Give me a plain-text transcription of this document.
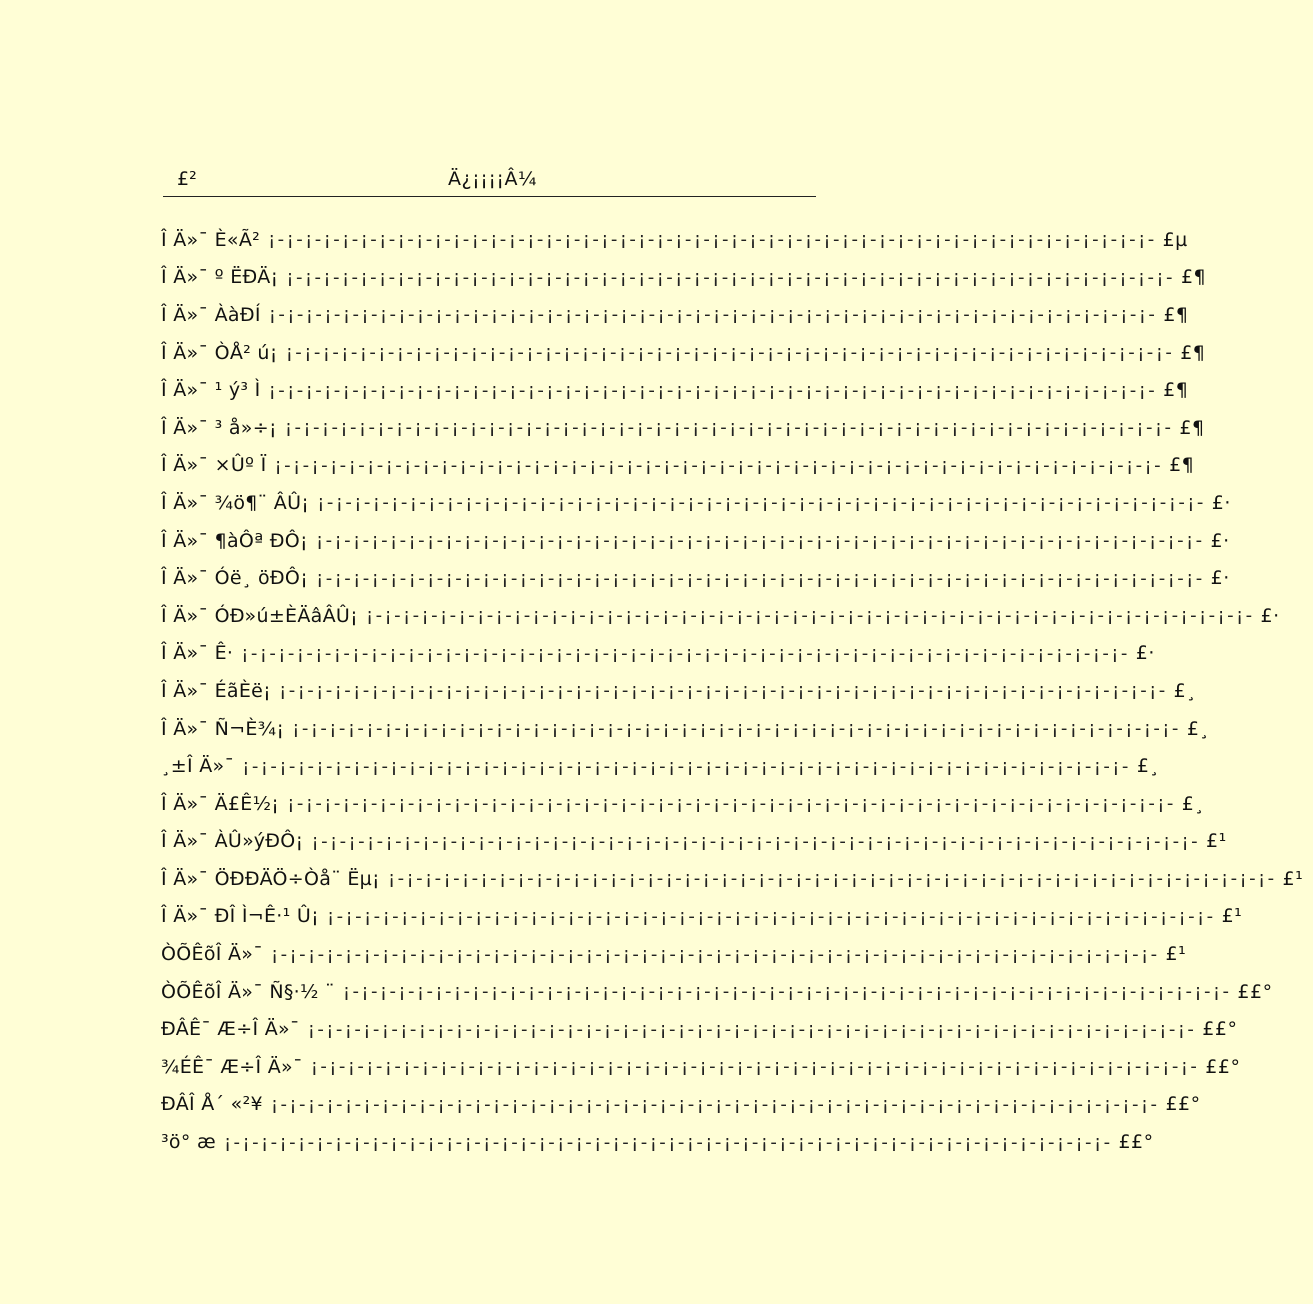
£²	Ä¿¡¡¡¡Â¼
Î Ä»¯ È«Ã² ¡-¡-¡-¡-¡-¡-¡-¡-¡-¡-¡-¡-¡-¡-¡-¡-¡-¡-¡-¡-¡-¡-¡-¡-¡-¡-¡-¡-¡-¡-¡-¡-¡-¡-¡-¡-¡-¡-¡-¡-¡-¡-¡-¡-¡-¡-¡-¡- £µ
Î Ä»¯ º ËÐÄ¡ ¡-¡-¡-¡-¡-¡-¡-¡-¡-¡-¡-¡-¡-¡-¡-¡-¡-¡-¡-¡-¡-¡-¡-¡-¡-¡-¡-¡-¡-¡-¡-¡-¡-¡-¡-¡-¡-¡-¡-¡-¡-¡-¡-¡-¡-¡-¡-¡- £¶
Î Ä»¯ ÀàÐÍ ¡-¡-¡-¡-¡-¡-¡-¡-¡-¡-¡-¡-¡-¡-¡-¡-¡-¡-¡-¡-¡-¡-¡-¡-¡-¡-¡-¡-¡-¡-¡-¡-¡-¡-¡-¡-¡-¡-¡-¡-¡-¡-¡-¡-¡-¡-¡-¡- £¶
Î Ä»¯ ÒÅ² ú¡ ¡-¡-¡-¡-¡-¡-¡-¡-¡-¡-¡-¡-¡-¡-¡-¡-¡-¡-¡-¡-¡-¡-¡-¡-¡-¡-¡-¡-¡-¡-¡-¡-¡-¡-¡-¡-¡-¡-¡-¡-¡-¡-¡-¡-¡-¡-¡-¡- £¶
Î Ä»¯ ¹ ý³ Ì ¡-¡-¡-¡-¡-¡-¡-¡-¡-¡-¡-¡-¡-¡-¡-¡-¡-¡-¡-¡-¡-¡-¡-¡-¡-¡-¡-¡-¡-¡-¡-¡-¡-¡-¡-¡-¡-¡-¡-¡-¡-¡-¡-¡-¡-¡-¡-¡- £¶
Î Ä»¯ ³ å»÷¡ ¡-¡-¡-¡-¡-¡-¡-¡-¡-¡-¡-¡-¡-¡-¡-¡-¡-¡-¡-¡-¡-¡-¡-¡-¡-¡-¡-¡-¡-¡-¡-¡-¡-¡-¡-¡-¡-¡-¡-¡-¡-¡-¡-¡-¡-¡-¡-¡- £¶
Î Ä»¯ ×Ûº Ï ¡-¡-¡-¡-¡-¡-¡-¡-¡-¡-¡-¡-¡-¡-¡-¡-¡-¡-¡-¡-¡-¡-¡-¡-¡-¡-¡-¡-¡-¡-¡-¡-¡-¡-¡-¡-¡-¡-¡-¡-¡-¡-¡-¡-¡-¡-¡-¡- £¶
Î Ä»¯ ¾ö¶¨ ÂÛ¡ ¡-¡-¡-¡-¡-¡-¡-¡-¡-¡-¡-¡-¡-¡-¡-¡-¡-¡-¡-¡-¡-¡-¡-¡-¡-¡-¡-¡-¡-¡-¡-¡-¡-¡-¡-¡-¡-¡-¡-¡-¡-¡-¡-¡-¡-¡-¡-¡- £·
Î Ä»¯ ¶àÔª ÐÔ¡ ¡-¡-¡-¡-¡-¡-¡-¡-¡-¡-¡-¡-¡-¡-¡-¡-¡-¡-¡-¡-¡-¡-¡-¡-¡-¡-¡-¡-¡-¡-¡-¡-¡-¡-¡-¡-¡-¡-¡-¡-¡-¡-¡-¡-¡-¡-¡-¡- £·
Î Ä»¯ Óë¸ öÐÔ¡ ¡-¡-¡-¡-¡-¡-¡-¡-¡-¡-¡-¡-¡-¡-¡-¡-¡-¡-¡-¡-¡-¡-¡-¡-¡-¡-¡-¡-¡-¡-¡-¡-¡-¡-¡-¡-¡-¡-¡-¡-¡-¡-¡-¡-¡-¡-¡-¡- £·
Î Ä»¯ ÓÐ»ú±ÈÄâÂÛ¡ ¡-¡-¡-¡-¡-¡-¡-¡-¡-¡-¡-¡-¡-¡-¡-¡-¡-¡-¡-¡-¡-¡-¡-¡-¡-¡-¡-¡-¡-¡-¡-¡-¡-¡-¡-¡-¡-¡-¡-¡-¡-¡-¡-¡-¡-¡-¡-¡- £·
Î Ä»¯ Ê· ¡-¡-¡-¡-¡-¡-¡-¡-¡-¡-¡-¡-¡-¡-¡-¡-¡-¡-¡-¡-¡-¡-¡-¡-¡-¡-¡-¡-¡-¡-¡-¡-¡-¡-¡-¡-¡-¡-¡-¡-¡-¡-¡-¡-¡-¡-¡-¡- £·
Î Ä»¯ ÉãÈë¡ ¡-¡-¡-¡-¡-¡-¡-¡-¡-¡-¡-¡-¡-¡-¡-¡-¡-¡-¡-¡-¡-¡-¡-¡-¡-¡-¡-¡-¡-¡-¡-¡-¡-¡-¡-¡-¡-¡-¡-¡-¡-¡-¡-¡-¡-¡-¡-¡- £¸
Î Ä»¯ Ñ¬È¾¡ ¡-¡-¡-¡-¡-¡-¡-¡-¡-¡-¡-¡-¡-¡-¡-¡-¡-¡-¡-¡-¡-¡-¡-¡-¡-¡-¡-¡-¡-¡-¡-¡-¡-¡-¡-¡-¡-¡-¡-¡-¡-¡-¡-¡-¡-¡-¡-¡- £¸
¸±Î Ä»¯ ¡-¡-¡-¡-¡-¡-¡-¡-¡-¡-¡-¡-¡-¡-¡-¡-¡-¡-¡-¡-¡-¡-¡-¡-¡-¡-¡-¡-¡-¡-¡-¡-¡-¡-¡-¡-¡-¡-¡-¡-¡-¡-¡-¡-¡-¡-¡-¡- £¸
Î Ä»¯ Ä£Ê½¡ ¡-¡-¡-¡-¡-¡-¡-¡-¡-¡-¡-¡-¡-¡-¡-¡-¡-¡-¡-¡-¡-¡-¡-¡-¡-¡-¡-¡-¡-¡-¡-¡-¡-¡-¡-¡-¡-¡-¡-¡-¡-¡-¡-¡-¡-¡-¡-¡- £¸
Î Ä»¯ ÀÛ»ýÐÔ¡ ¡-¡-¡-¡-¡-¡-¡-¡-¡-¡-¡-¡-¡-¡-¡-¡-¡-¡-¡-¡-¡-¡-¡-¡-¡-¡-¡-¡-¡-¡-¡-¡-¡-¡-¡-¡-¡-¡-¡-¡-¡-¡-¡-¡-¡-¡-¡-¡- £¹
Î Ä»¯ ÖÐÐÄÖ÷Òå¨ Ëµ¡ ¡-¡-¡-¡-¡-¡-¡-¡-¡-¡-¡-¡-¡-¡-¡-¡-¡-¡-¡-¡-¡-¡-¡-¡-¡-¡-¡-¡-¡-¡-¡-¡-¡-¡-¡-¡-¡-¡-¡-¡-¡-¡-¡-¡-¡-¡-¡-¡- £¹
Î Ä»¯ ÐÎ Ì¬Ê·¹ Û¡ ¡-¡-¡-¡-¡-¡-¡-¡-¡-¡-¡-¡-¡-¡-¡-¡-¡-¡-¡-¡-¡-¡-¡-¡-¡-¡-¡-¡-¡-¡-¡-¡-¡-¡-¡-¡-¡-¡-¡-¡-¡-¡-¡-¡-¡-¡-¡-¡- £¹
ÒÕÊõÎ Ä»¯ ¡-¡-¡-¡-¡-¡-¡-¡-¡-¡-¡-¡-¡-¡-¡-¡-¡-¡-¡-¡-¡-¡-¡-¡-¡-¡-¡-¡-¡-¡-¡-¡-¡-¡-¡-¡-¡-¡-¡-¡-¡-¡-¡-¡-¡-¡-¡-¡- £¹
ÒÕÊõÎ Ä»¯ Ñ§·½ ¨ ¡-¡-¡-¡-¡-¡-¡-¡-¡-¡-¡-¡-¡-¡-¡-¡-¡-¡-¡-¡-¡-¡-¡-¡-¡-¡-¡-¡-¡-¡-¡-¡-¡-¡-¡-¡-¡-¡-¡-¡-¡-¡-¡-¡-¡-¡-¡-¡- ££°
ÐÂÊ¯ Æ÷Î Ä»¯ ¡-¡-¡-¡-¡-¡-¡-¡-¡-¡-¡-¡-¡-¡-¡-¡-¡-¡-¡-¡-¡-¡-¡-¡-¡-¡-¡-¡-¡-¡-¡-¡-¡-¡-¡-¡-¡-¡-¡-¡-¡-¡-¡-¡-¡-¡-¡-¡- ££°
¾ÉÊ¯ Æ÷Î Ä»¯ ¡-¡-¡-¡-¡-¡-¡-¡-¡-¡-¡-¡-¡-¡-¡-¡-¡-¡-¡-¡-¡-¡-¡-¡-¡-¡-¡-¡-¡-¡-¡-¡-¡-¡-¡-¡-¡-¡-¡-¡-¡-¡-¡-¡-¡-¡-¡-¡- ££°
ÐÂÎ Å´ «²¥ ¡-¡-¡-¡-¡-¡-¡-¡-¡-¡-¡-¡-¡-¡-¡-¡-¡-¡-¡-¡-¡-¡-¡-¡-¡-¡-¡-¡-¡-¡-¡-¡-¡-¡-¡-¡-¡-¡-¡-¡-¡-¡-¡-¡-¡-¡-¡-¡- ££°
³ö° æ ¡-¡-¡-¡-¡-¡-¡-¡-¡-¡-¡-¡-¡-¡-¡-¡-¡-¡-¡-¡-¡-¡-¡-¡-¡-¡-¡-¡-¡-¡-¡-¡-¡-¡-¡-¡-¡-¡-¡-¡-¡-¡-¡-¡-¡-¡-¡-¡- ££°
